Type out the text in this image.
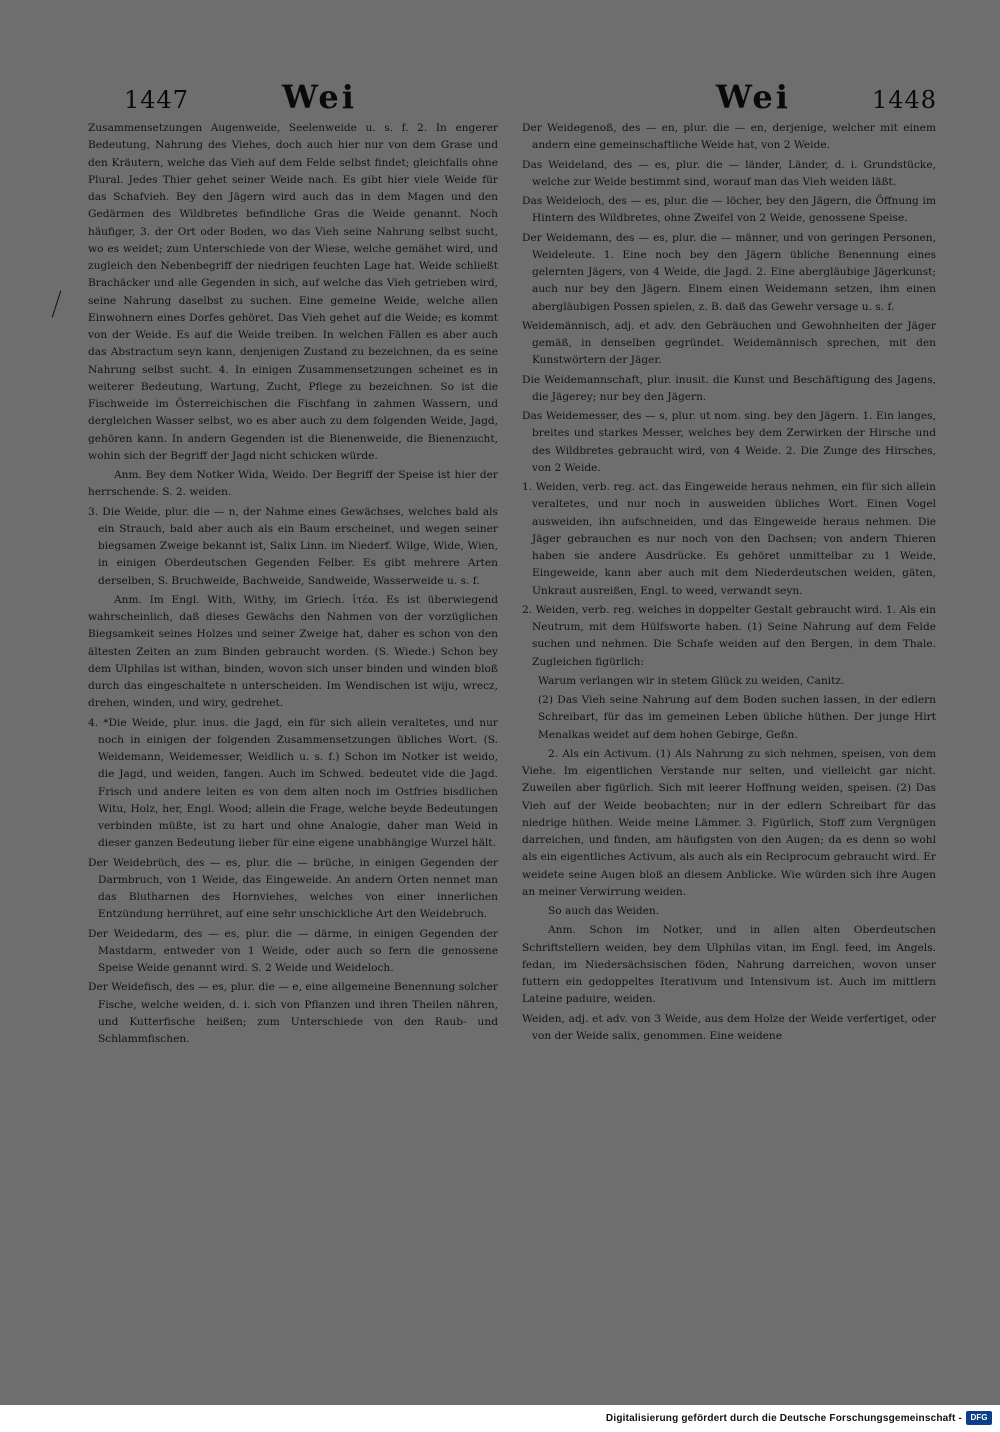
1447	Wei	Wei	1448

Zusammensetzungen Augenweide, Seelenweide u. s. f. 2. In engerer Bedeutung, Nahrung des Viehes, doch auch hier nur von dem Grase und den Kräutern, welche das Vieh auf dem Felde selbst findet; gleichfalls ohne Plural. Jedes Thier gehet seiner Weide nach. Es gibt hier viele Weide für das Schafvieh. Bey den Jägern wird auch das in dem Magen und den Gedärmen des Wildbretes befindliche Gras die Weide genannt. Noch häufiger, 3. der Ort oder Boden, wo das Vieh seine Nahrung selbst sucht, wo es weidet; zum Unterschiede von der Wiese, welche gemähet wird, und zugleich den Nebenbegriff der niedrigen feuchten Lage hat. Weide schließt Brachäcker und alle Gegenden in sich, auf welche das Vieh getrieben wird, seine Nahrung daselbst zu suchen. Eine gemeine Weide, welche allen Einwohnern eines Dorfes gehöret. Das Vieh gehet auf die Weide; es kommt von der Weide. Es auf die Weide treiben. In welchen Fällen es aber auch das Abstractum seyn kann, denjenigen Zustand zu bezeichnen, da es seine Nahrung selbst sucht. 4. In einigen Zusammensetzungen scheinet es in weiterer Bedeutung, Wartung, Zucht, Pflege zu bezeichnen. So ist die Fischweide im Österreichischen die Fischfang in zahmen Wassern, und dergleichen Wasser selbst, wo es aber auch zu dem folgenden Weide, Jagd, gehören kann. In andern Gegenden ist die Bienenweide, die Bienenzucht, wohin sich der Begriff der Jagd nicht schicken würde.

Anm. Bey dem Notker Wida, Weido. Der Begriff der Speise ist hier der herrschende. S. 2. weiden.

3. Die Weide, plur. die — n, der Nahme eines Gewächses, welches bald als ein Strauch, bald aber auch als ein Baum erscheinet, und wegen seiner biegsamen Zweige bekannt ist, Salix Linn. im Niederf. Wilge, Wide, Wien, in einigen Oberdeutschen Gegenden Felber. Es gibt mehrere Arten derselben, S. Bruchweide, Bachweide, Sandweide, Wasserweide u. s. f.

Anm. Im Engl. With, Withy, im Griech. ἰτέα. Es ist überwiegend wahrscheinlich, daß dieses Gewächs den Nahmen von der vorzüglichen Biegsamkeit seines Holzes und seiner Zweige hat, daher es schon von den ältesten Zeiten an zum Binden gebraucht worden. (S. Wiede.) Schon bey dem Ulphilas ist withan, binden, wovon sich unser binden und winden bloß durch das eingeschaltete n unterscheiden. Im Wendischen ist wiju, wrecz, drehen, winden, und wiry, gedrehet.

4. *Die Weide, plur. inus. die Jagd, ein für sich allein veraltetes, und nur noch in einigen der folgenden Zusammensetzungen übliches Wort. (S. Weidemann, Weidemesser, Weidlich u. s. f.) Schon im Notker ist weido, die Jagd, und weiden, fangen. Auch im Schwed. bedeutet vide die Jagd. Frisch und andere leiten es von dem alten noch im Ostfries bisdlichen Witu, Holz, her, Engl. Wood; allein die Frage, welche beyde Bedeutungen verbinden müßte, ist zu hart und ohne Analogie, daher man Weid in dieser ganzen Bedeutung lieber für eine eigene unabhängige Wurzel hält.

Der Weidebrüch, des — es, plur. die — brüche, in einigen Gegenden der Darmbruch, von 1 Weide, das Eingeweide. An andern Orten nennet man das Blutharnen des Hornviehes, welches von einer innerlichen Entzündung herrühret, auf eine sehr unschickliche Art den Weidebruch.

Der Weidedarm, des — es, plur. die — därme, in einigen Gegenden der Mastdarm, entweder von 1 Weide, oder auch so fern die genossene Speise Weide genannt wird. S. 2 Weide und Weideloch.

Der Weidefisch, des — es, plur. die — e, eine allgemeine Benennung solcher Fische, welche weiden, d. i. sich von Pflanzen und ihren Theilen nähren, und Kutterfische heißen; zum Unterschiede von den Raub- und Schlammfischen.

Der Weidegenoß, des — en, plur. die — en, derjenige, welcher mit einem andern eine gemeinschaftliche Weide hat, von 2 Weide.

Das Weideland, des — es, plur. die — länder, Länder, d. i. Grundstücke, welche zur Weide bestimmt sind, worauf man das Vieh weiden läßt.

Das Weideloch, des — es, plur. die — löcher, bey den Jägern, die Öffnung im Hintern des Wildbretes, ohne Zweifel von 2 Weide, genossene Speise.

Der Weidemann, des — es, plur. die — männer, und von geringen Personen, Weideleute. 1. Eine noch bey den Jägern übliche Benennung eines gelernten Jägers, von 4 Weide, die Jagd. 2. Eine abergläubige Jägerkunst; auch nur bey den Jägern. Einem einen Weidemann setzen, ihm einen abergläubigen Possen spielen, z. B. daß das Gewehr versage u. s. f.

Weidemännisch, adj. et adv. den Gebräuchen und Gewohnheiten der Jäger gemäß, in denselben gegründet. Weidemännisch sprechen, mit den Kunstwörtern der Jäger.

Die Weidemannschaft, plur. inusit. die Kunst und Beschäftigung des Jagens, die Jägerey; nur bey den Jägern.

Das Weidemesser, des — s, plur. ut nom. sing. bey den Jägern. 1. Ein langes, breites und starkes Messer, welches bey dem Zerwirken der Hirsche und des Wildbretes gebraucht wird, von 4 Weide. 2. Die Zunge des Hirsches, von 2 Weide.

1. Weiden, verb. reg. act. das Eingeweide heraus nehmen, ein für sich allein veraltetes, und nur noch in ausweiden übliches Wort. Einen Vogel ausweiden, ihn aufschneiden, und das Eingeweide heraus nehmen. Die Jäger gebrauchen es nur noch von den Dachsen; von andern Thieren haben sie andere Ausdrücke. Es gehöret unmittelbar zu 1 Weide, Eingeweide, kann aber auch mit dem Niederdeutschen weiden, gäten, Unkraut ausreißen, Engl. to weed, verwandt seyn.

2. Weiden, verb. reg. welches in doppelter Gestalt gebraucht wird. 1. Als ein Neutrum, mit dem Hülfsworte haben. (1) Seine Nahrung auf dem Felde suchen und nehmen. Die Schafe weiden auf den Bergen, in dem Thale. Zugleichen figürlich:

Warum verlangen wir in stetem Glück zu weiden, Canitz.

(2) Das Vieh seine Nahrung auf dem Boden suchen lassen, in der edlern Schreibart, für das im gemeinen Leben übliche hüthen. Der junge Hirt Menalkas weidet auf dem hohen Gebirge, Geßn.

2. Als ein Activum. (1) Als Nahrung zu sich nehmen, speisen, von dem Viehe. Im eigentlichen Verstande nur selten, und vielleicht gar nicht. Zuweilen aber figürlich. Sich mit leerer Hoffnung weiden, speisen. (2) Das Vieh auf der Weide beobachten; nur in der edlern Schreibart für das niedrige hüthen. Weide meine Lämmer. 3. Figürlich, Stoff zum Vergnügen darreichen, und finden, am häufigsten von den Augen; da es denn so wohl als ein eigentliches Activum, als auch als ein Reciprocum gebraucht wird. Er weidete seine Augen bloß an diesem Anblicke. Wie würden sich ihre Augen an meiner Verwirrung weiden.

So auch das Weiden.

Anm. Schon im Notker, und in allen alten Oberdeutschen Schriftstellern weiden, bey dem Ulphilas vitan, im Engl. feed, im Angels. fedan, im Niedersächsischen föden, Nahrung darreichen, wovon unser futtern ein gedoppeltes Iterativum und Intensivum ist. Auch im mittlern Lateine paduire, weiden.

Weiden, adj. et adv. von 3 Weide, aus dem Holze der Weide verfertiget, oder von der Weide salix, genommen. Eine weidene

Digitalisierung gefördert durch die Deutsche Forschungsgemeinschaft -	DFG
